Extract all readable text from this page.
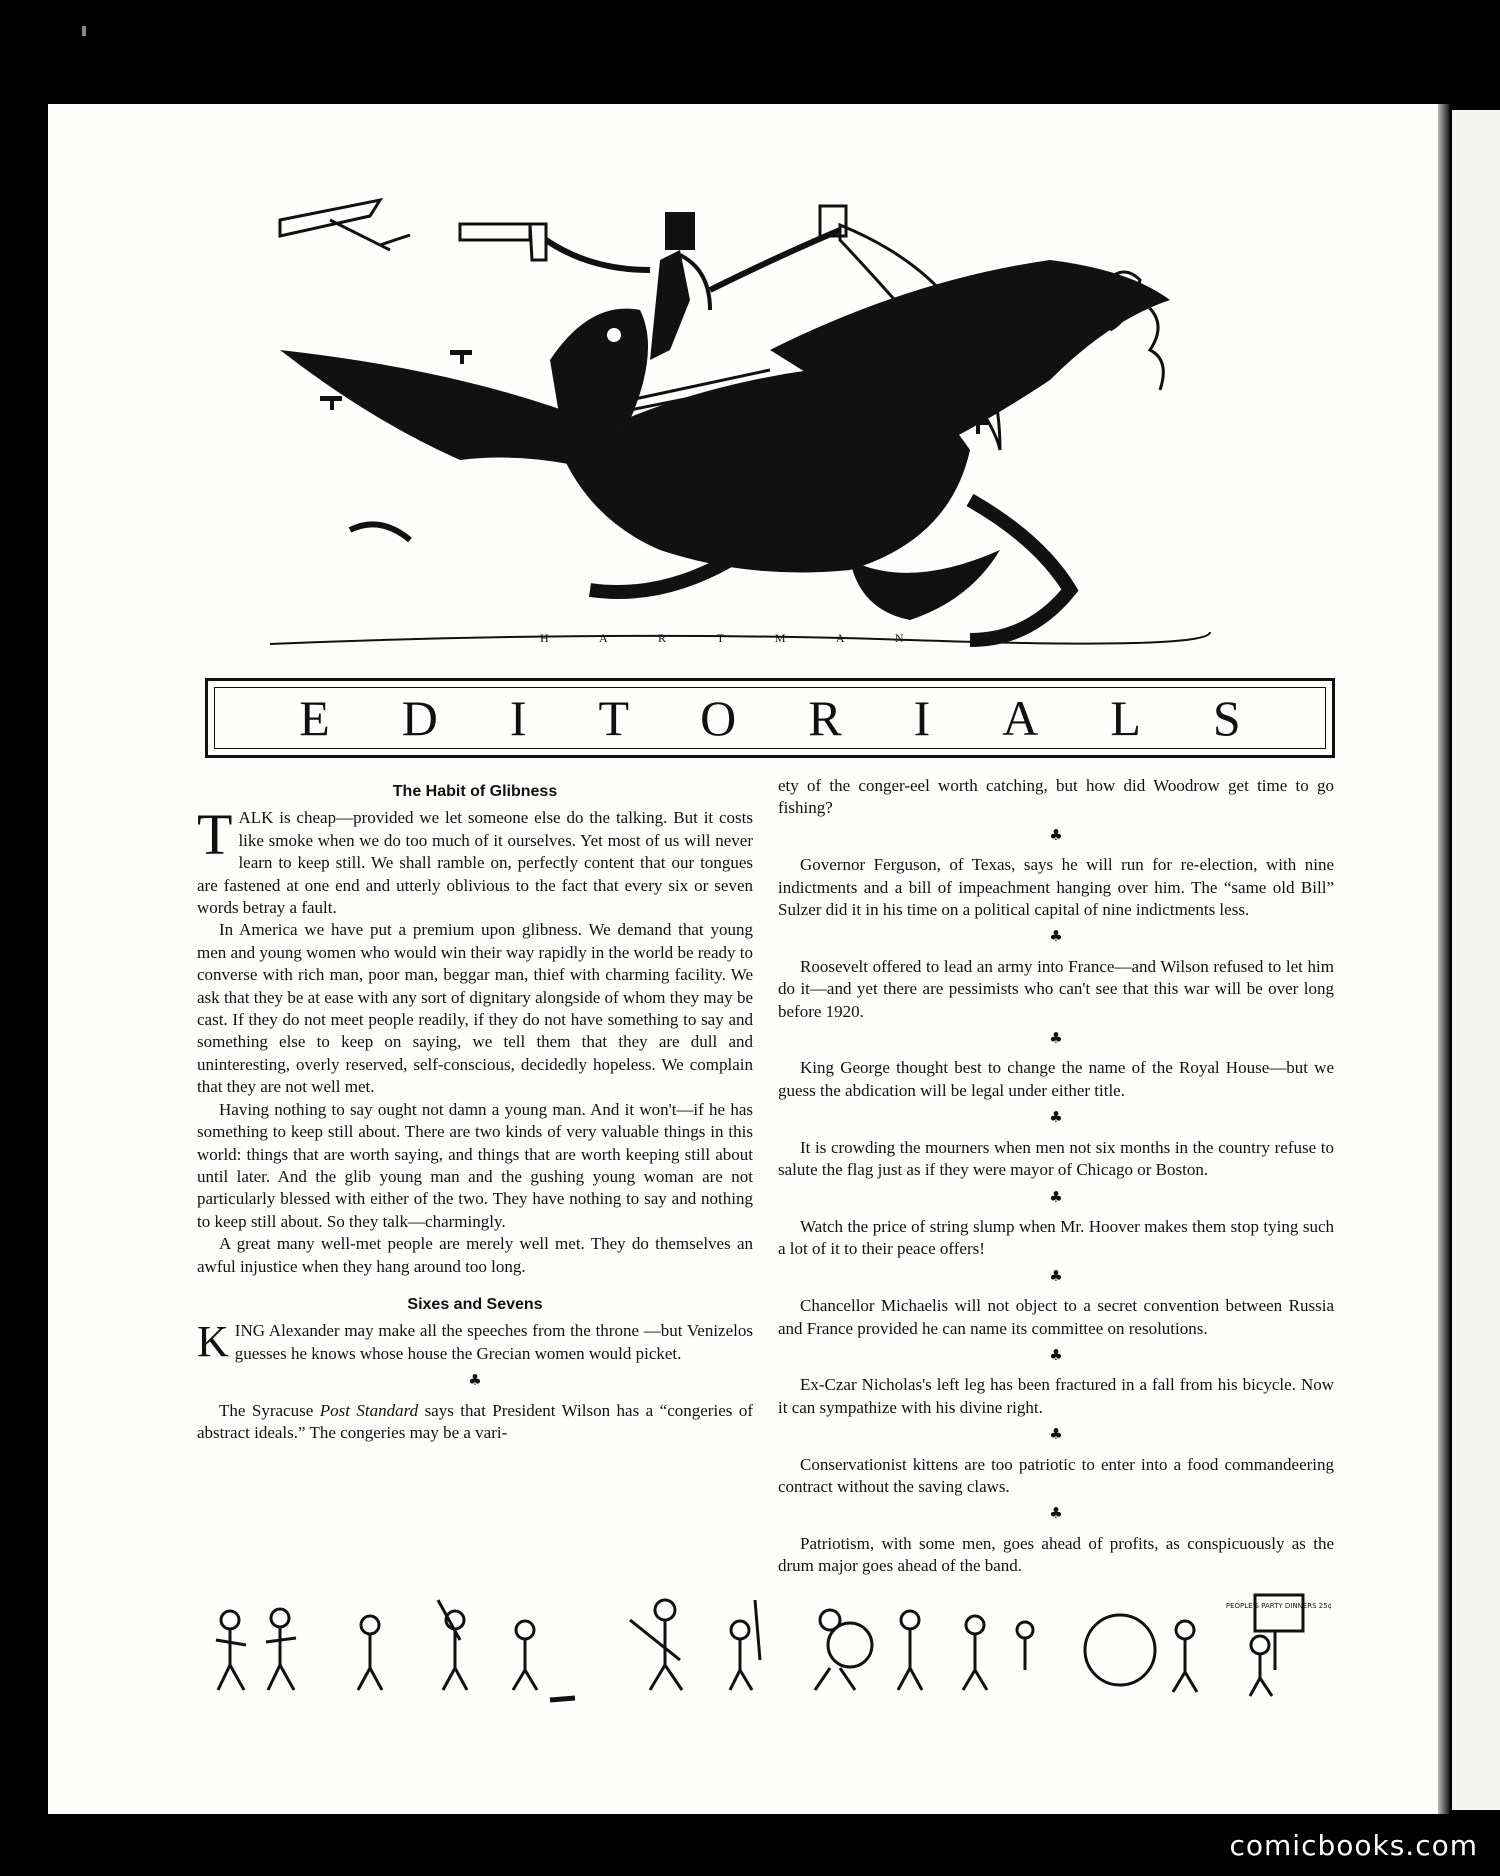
H A R T M A N	1917
EDITORIALS
The Habit of Glibness

TALK is cheap—provided we let someone else do the talking. But it costs like smoke when we do too much of it ourselves. Yet most of us will never learn to keep still. We shall ramble on, perfectly content that our tongues are fastened at one end and utterly oblivious to the fact that every six or seven words betray a fault.

In America we have put a premium upon glibness. We demand that young men and young women who would win their way rapidly in the world be ready to converse with rich man, poor man, beggar man, thief with charming facility. We ask that they be at ease with any sort of dignitary alongside of whom they may be cast. If they do not meet people readily, if they do not have something to say and something else to keep on saying, we tell them that they are dull and uninteresting, overly reserved, self-conscious, decidedly hopeless. We complain that they are not well met.

Having nothing to say ought not damn a young man. And it won't—if he has something to keep still about. There are two kinds of very valuable things in this world: things that are worth saying, and things that are worth keeping still about until later. And the glib young man and the gushing young woman are not particularly blessed with either of the two. They have nothing to say and nothing to keep still about. So they talk—charmingly.

A great many well-met people are merely well met. They do themselves an awful injustice when they hang around too long.

Sixes and Sevens

KING Alexander may make all the speeches from the throne —but Venizelos guesses he knows whose house the Grecian women would picket.

♣

The Syracuse Post Standard says that President Wilson has a “congeries of abstract ideals.” The congeries may be a vari-

ety of the conger-eel worth catching, but how did Woodrow get time to go fishing?

♣

Governor Ferguson, of Texas, says he will run for re-election, with nine indictments and a bill of impeachment hanging over him. The “same old Bill” Sulzer did it in his time on a political capital of nine indictments less.

♣

Roosevelt offered to lead an army into France—and Wilson refused to let him do it—and yet there are pessimists who can't see that this war will be over long before 1920.

♣

King George thought best to change the name of the Royal House—but we guess the abdication will be legal under either title.

♣

It is crowding the mourners when men not six months in the country refuse to salute the flag just as if they were mayor of Chicago or Boston.

♣

Watch the price of string slump when Mr. Hoover makes them stop tying such a lot of it to their peace offers!

♣

Chancellor Michaelis will not object to a secret convention between Russia and France provided he can name its committee on resolutions.

♣

Ex-Czar Nicholas's left leg has been fractured in a fall from his bicycle. Now it can sympathize with his divine right.

♣

Conservationist kittens are too patriotic to enter into a food commandeering contract without the saving claws.

♣

Patriotism, with some men, goes ahead of profits, as conspicuously as the drum major goes ahead of the band.

PEOPLE'S PARTY DINNERS 25¢
comicbooks.com
